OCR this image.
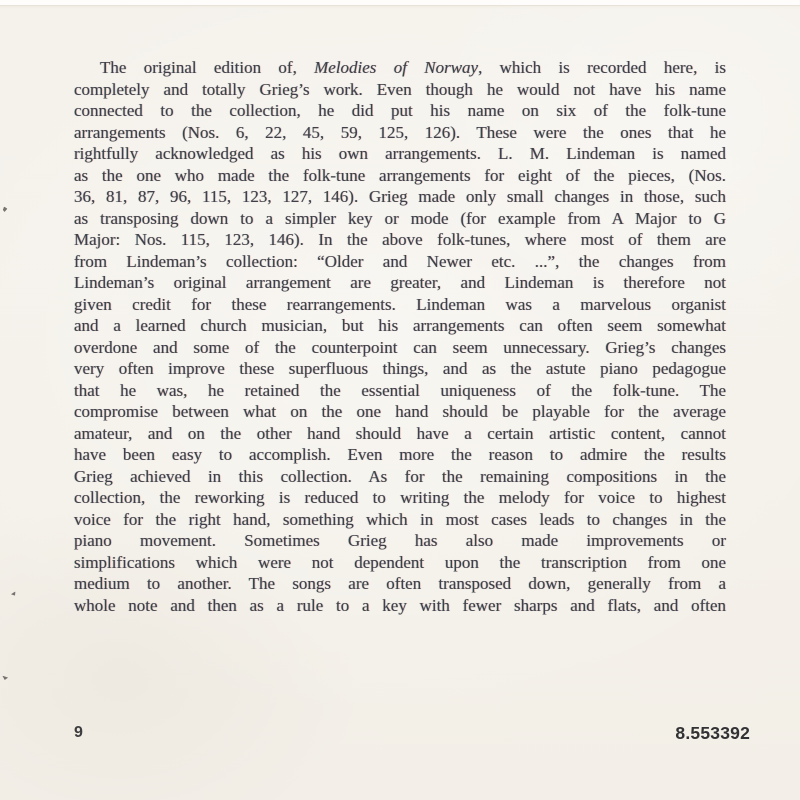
The original edition of, Melodies of Norway, which is recorded here, is
completely and totally Grieg’s work. Even though he would not have his name
connected to the collection, he did put his name on six of the folk-tune
arrangements (Nos. 6, 22, 45, 59, 125, 126). These were the ones that he
rightfully acknowledged as his own arrangements. L. M. Lindeman is named
as the one who made the folk-tune arrangements for eight of the pieces, (Nos.
36, 81, 87, 96, 115, 123, 127, 146). Grieg made only small changes in those, such
as transposing down to a simpler key or mode (for example from A Major to G
Major: Nos. 115, 123, 146). In the above folk-tunes, where most of them are
from Lindeman’s collection: “Older and Newer etc. ...”, the changes from
Lindeman’s original arrangement are greater, and Lindeman is therefore not
given credit for these rearrangements. Lindeman was a marvelous organist
and a learned church musician, but his arrangements can often seem somewhat
overdone and some of the counterpoint can seem unnecessary. Grieg’s changes
very often improve these superfluous things, and as the astute piano pedagogue
that he was, he retained the essential uniqueness of the folk-tune. The
compromise between what on the one hand should be playable for the average
amateur, and on the other hand should have a certain artistic content, cannot
have been easy to accomplish. Even more the reason to admire the results
Grieg achieved in this collection. As for the remaining compositions in the
collection, the reworking is reduced to writing the melody for voice to highest
voice for the right hand, something which in most cases leads to changes in the
piano movement. Sometimes Grieg has also made improvements or
simplifications which were not dependent upon the transcription from one
medium to another. The songs are often transposed down, generally from a
whole note and then as a rule to a key with fewer sharps and flats, and often
9	8.553392
